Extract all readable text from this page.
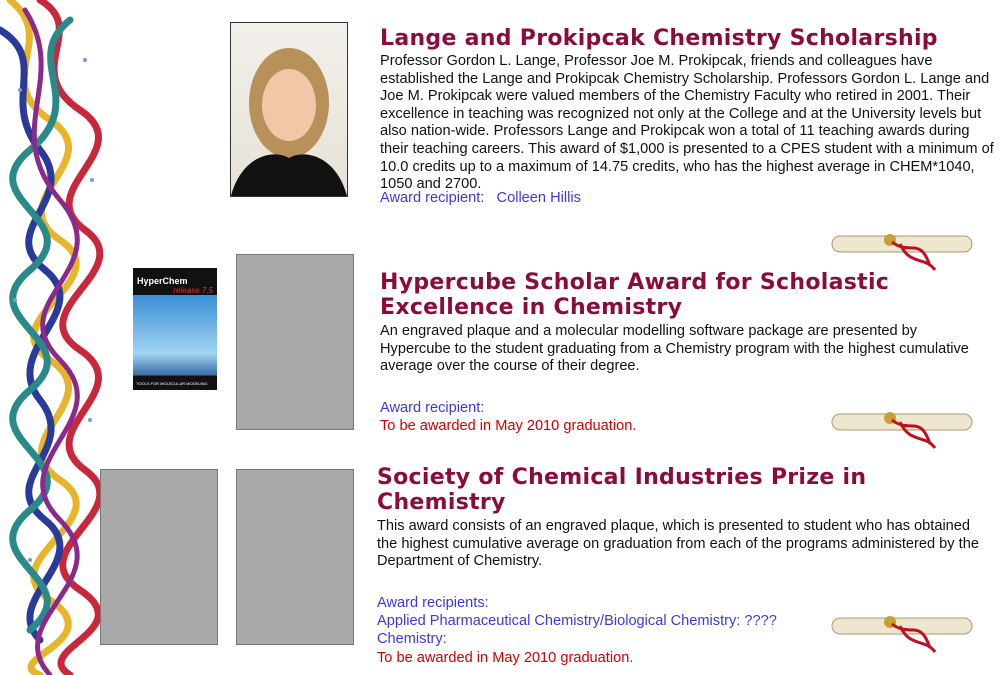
Lange and Prokipcak Chemistry Scholarship
Professor Gordon L. Lange, Professor Joe M. Prokipcak, friends and colleagues have established the Lange and Prokipcak Chemistry Scholarship. Professors Gordon L. Lange and Joe M. Prokipcak were valued members of the Chemistry Faculty who retired in 2001. Their excellence in teaching was recognized not only at the College and at the University levels but also nation-wide. Professors Lange and Prokipcak won a total of 11 teaching awards during their teaching careers. This award of $1,000 is presented to a CPES student with a minimum of 10.0 credits up to a maximum of 14.75 credits, who has the highest average in CHEM*1040, 1050 and 2700.
Award recipient: Colleen Hillis
HyperChem
release 7.5
TOOLS FOR MOLECULAR MODELING
Hypercube Scholar Award for Scholastic Excellence in Chemistry
An engraved plaque and a molecular modelling software package are presented by Hypercube to the student graduating from a Chemistry program with the highest cumulative average over the course of their degree.
Award recipient:
To be awarded in May 2010 graduation.
Society of Chemical Industries Prize in Chemistry
This award consists of an engraved plaque, which is presented to student who has obtained the highest cumulative average on graduation from each of the programs administered by the Department of Chemistry.
Award recipients:
Applied Pharmaceutical Chemistry/Biological Chemistry: ????
Chemistry:
To be awarded in May 2010 graduation.
